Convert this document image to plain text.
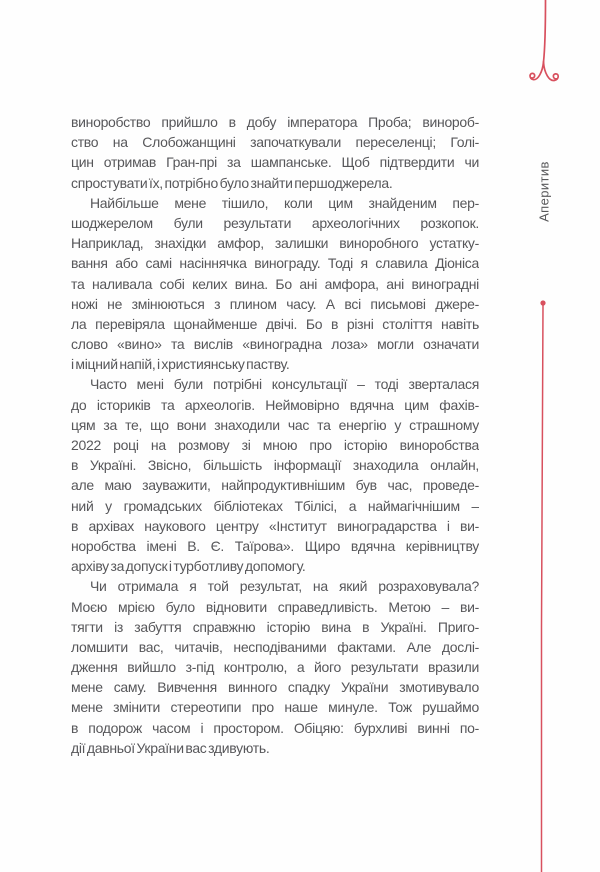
Аперитив
виноробство прийшло в добу імператора Проба; винороб-
ство на Слобожанщині започаткували переселенці; Голі-
цин отримав Гран-прі за шампанське. Щоб підтвердити чи
спростувати їх, потрібно було знайти першоджерела.
Найбільше мене тішило, коли цим знайденим пер-
шоджерелом були результати археологічних розкопок.
Наприклад, знахідки амфор, залишки виноробного устатку-
вання або самі насіннячка винограду. Тоді я славила Діоніса
та наливала собі келих вина. Бо ані амфора, ані виноградні
ножі не змінюються з плином часу. А всі письмові джере-
ла перевіряла щонайменше двічі. Бо в різні століття навіть
слово «вино» та вислів «виноградна лоза» могли означати
і міцний напій, і християнську паству.
Часто мені були потрібні консультації – тоді зверталася
до істориків та археологів. Неймовірно вдячна цим фахів-
цям за те, що вони знаходили час та енергію у страшному
2022 році на розмову зі мною про історію виноробства
в Україні. Звісно, більшість інформації знаходила онлайн,
але маю зауважити, найпродуктивнішим був час, проведе-
ний у громадських бібліотеках Тбілісі, а наймагічнішим –
в архівах наукового центру «Інститут виноградарства і ви-
норобства імені В. Є. Таїрова». Щиро вдячна керівництву
архіву за допуск і турботливу допомогу.
Чи отримала я той результат, на який розраховувала?
Моєю мрією було відновити справедливість. Метою – ви-
тягти із забуття справжню історію вина в Україні. Приго-
ломшити вас, читачів, несподіваними фактами. Але дослі-
дження вийшло з-під контролю, а його результати вразили
мене саму. Вивчення винного спадку України змотивувало
мене змінити стереотипи про наше минуле. Тож рушаймо
в подорож часом і простором. Обіцяю: бурхливі винні по-
дії давньої України вас здивують.
